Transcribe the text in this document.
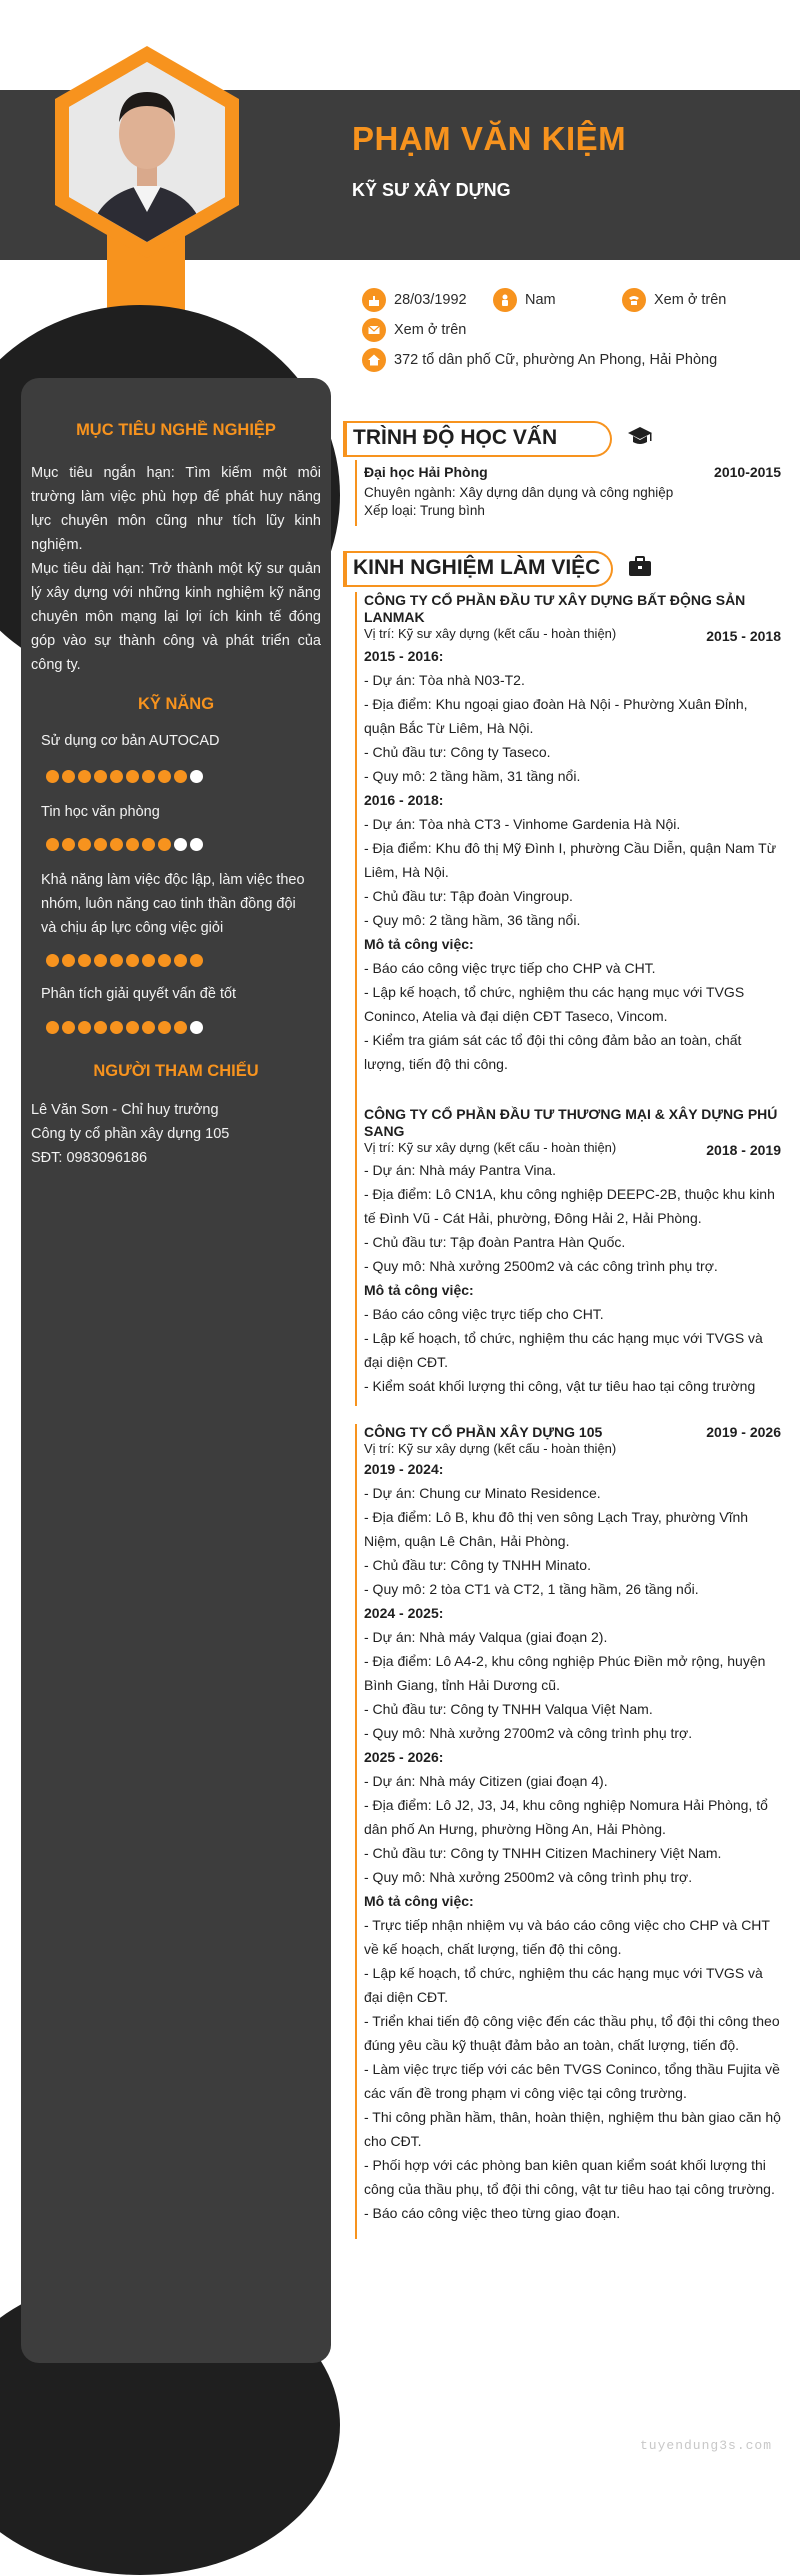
PHẠM VĂN KIỆM
KỸ SƯ XÂY DỰNG
28/03/1992	Nam	Xem ở trên
Xem ở trên
372 tổ dân phố Cữ, phường An Phong, Hải Phòng
MỤC TIÊU NGHỀ NGHIỆP
Mục tiêu ngắn hạn: Tìm kiếm một môi trường làm việc phù hợp để phát huy năng lực chuyên môn cũng như tích lũy kinh nghiệm.
Mục tiêu dài hạn: Trở thành một kỹ sư quản lý xây dựng với những kinh nghiệm kỹ năng chuyên môn mạng lại lợi ích kinh tế đóng góp vào sự thành công và phát triển của công ty.
KỸ NĂNG
Sử dụng cơ bản AUTOCAD
Tin học văn phòng
Khả năng làm việc độc lập, làm việc theo nhóm, luôn năng cao tinh thần đồng đội và chịu áp lực công việc giỏi
Phân tích giải quyết vấn đề tốt
NGƯỜI THAM CHIẾU
Lê Văn Sơn - Chỉ huy trưởng
Công ty cổ phần xây dựng 105
SĐT: 0983096186
TRÌNH ĐỘ HỌC VẤN
Đại học Hải Phòng	2010-2015
Chuyên ngành: Xây dựng dân dụng và công nghiệp
Xếp loại: Trung bình
KINH NGHIỆM LÀM VIỆC
CÔNG TY CỔ PHẦN ĐẦU TƯ XÂY DỰNG BẤT ĐỘNG SẢN LANMAK
Vị trí: Kỹ sư xây dựng (kết cấu - hoàn thiện)	2015 - 2018
2015 - 2016:
- Dự án: Tòa nhà N03-T2.
- Địa điểm: Khu ngoại giao đoàn Hà Nội - Phường Xuân Đỉnh, quận Bắc Từ Liêm, Hà Nội.
- Chủ đầu tư: Công ty Taseco.
- Quy mô: 2 tầng hầm, 31 tầng nổi.
2016 - 2018:
- Dự án: Tòa nhà CT3 - Vinhome Gardenia Hà Nội.
- Địa điểm: Khu đô thị Mỹ Đình I, phường Cầu Diễn, quận Nam Từ Liêm, Hà Nội.
- Chủ đầu tư: Tập đoàn Vingroup.
- Quy mô: 2 tầng hầm, 36 tầng nổi.
Mô tả công việc:
- Báo cáo công việc trực tiếp cho CHP và CHT.
- Lập kế hoạch, tổ chức, nghiệm thu các hạng mục với TVGS Coninco, Atelia và đại diện CĐT Taseco, Vincom.
- Kiểm tra giám sát các tổ đội thi công đảm bảo an toàn, chất lượng, tiến độ thi công.
CÔNG TY CỔ PHẦN ĐẦU TƯ THƯƠNG MẠI & XÂY DỰNG PHÚ SANG
Vị trí: Kỹ sư xây dựng (kết cấu - hoàn thiện)	2018 - 2019
- Dự án: Nhà máy Pantra Vina.
- Địa điểm: Lô CN1A, khu công nghiệp DEEPC-2B, thuộc khu kinh tế Đình Vũ - Cát Hải, phường, Đông Hải 2, Hải Phòng.
- Chủ đầu tư: Tập đoàn Pantra Hàn Quốc.
- Quy mô: Nhà xưởng 2500m2 và các công trình phụ trợ.
Mô tả công việc:
- Báo cáo công việc trực tiếp cho CHT.
- Lập kế hoạch, tổ chức, nghiệm thu các hạng mục với TVGS và đại diện CĐT.
- Kiểm soát khối lượng thi công, vật tư tiêu hao tại công trường
CÔNG TY CỔ PHẦN XÂY DỰNG 105	2019 - 2026
Vị trí: Kỹ sư xây dựng (kết cấu - hoàn thiện)
2019 - 2024:
- Dự án: Chung cư Minato Residence.
- Địa điểm: Lô B, khu đô thị ven sông Lạch Tray, phường Vĩnh Niệm, quận Lê Chân, Hải Phòng.
- Chủ đầu tư: Công ty TNHH Minato.
- Quy mô: 2 tòa CT1 và CT2, 1 tầng hầm, 26 tầng nổi.
2024 - 2025:
- Dự án: Nhà máy Valqua (giai đoạn 2).
- Địa điểm: Lô A4-2, khu công nghiệp Phúc Điền mở rộng, huyện Bình Giang, tỉnh Hải Dương cũ.
- Chủ đầu tư: Công ty TNHH Valqua Việt Nam.
- Quy mô: Nhà xưởng 2700m2 và công trình phụ trợ.
2025 - 2026:
- Dự án: Nhà máy Citizen (giai đoạn 4).
- Địa điểm: Lô J2, J3, J4, khu công nghiệp Nomura Hải Phòng, tổ dân phố An Hưng, phường Hồng An, Hải Phòng.
- Chủ đầu tư: Công ty TNHH Citizen Machinery Việt Nam.
- Quy mô: Nhà xưởng 2500m2 và công trình phụ trợ.
Mô tả công việc:
- Trực tiếp nhận nhiệm vụ và báo cáo công việc cho CHP và CHT về kế hoạch, chất lượng, tiến độ thi công.
- Lập kế hoạch, tổ chức, nghiệm thu các hạng mục với TVGS và đại diện CĐT.
- Triển khai tiến độ công việc đến các thầu phụ, tổ đội thi công theo đúng yêu cầu kỹ thuật đảm bảo an toàn, chất lượng, tiến độ.
- Làm việc trực tiếp với các bên TVGS Coninco, tổng thầu Fujita về các vấn đề trong phạm vi công việc tại công trường.
- Thi công phần hầm, thân, hoàn thiện, nghiệm thu bàn giao căn hộ cho CĐT.
- Phối hợp với các phòng ban kiên quan kiểm soát khối lượng thi công của thầu phụ, tổ đội thi công, vật tư tiêu hao tại công trường.
- Báo cáo công việc theo từng giao đoạn.
tuyendung3s.com
